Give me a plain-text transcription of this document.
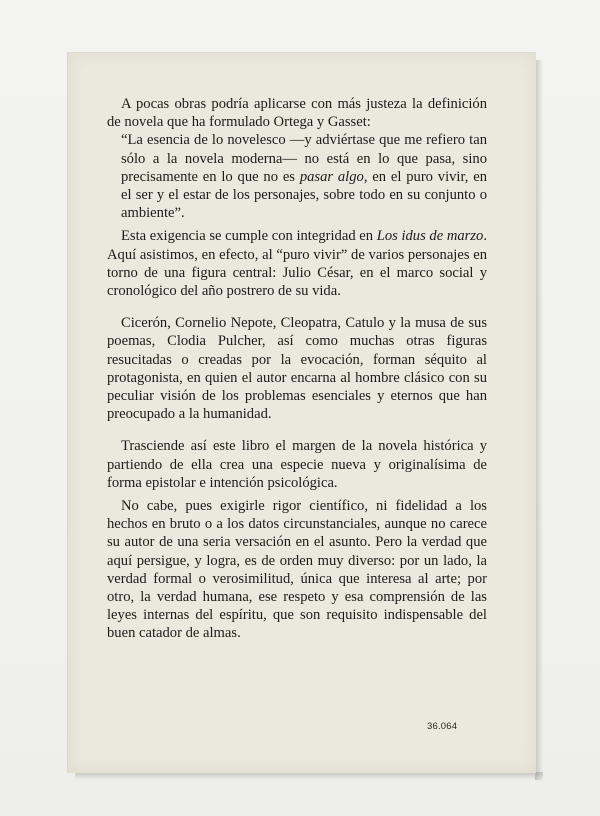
A pocas obras podría aplicarse con más justeza la definición de novela que ha formulado Ortega y Gasset:

“La esencia de lo novelesco —y adviértase que me refiero tan sólo a la novela moderna— no está en lo que pasa, sino precisamente en lo que no es pasar algo, en el puro vivir, en el ser y el estar de los personajes, sobre todo en su conjunto o ambiente”.

Esta exigencia se cumple con integridad en Los idus de marzo. Aquí asistimos, en efecto, al “puro vivir” de varios personajes en torno de una figura central: Julio César, en el marco social y cronológico del año postrero de su vida.

Cicerón, Cornelio Nepote, Cleopatra, Catulo y la musa de sus poemas, Clodia Pulcher, así como muchas otras figuras resucitadas o creadas por la evocación, forman séquito al protagonista, en quien el autor encarna al hombre clásico con su peculiar visión de los problemas esenciales y eternos que han preocupado a la humanidad.

Trasciende así este libro el margen de la novela histórica y partiendo de ella crea una especie nueva y originalísima de forma epistolar e intención psicológica.

No cabe, pues exigirle rigor científico, ni fidelidad a los hechos en bruto o a los datos circunstanciales, aunque no carece su autor de una seria versación en el asunto. Pero la verdad que aquí persigue, y logra, es de orden muy diverso: por un lado, la verdad formal o verosimilitud, única que interesa al arte; por otro, la verdad humana, ese respeto y esa comprensión de las leyes internas del espíritu, que son requisito indispensable del buen catador de almas.

36.064
